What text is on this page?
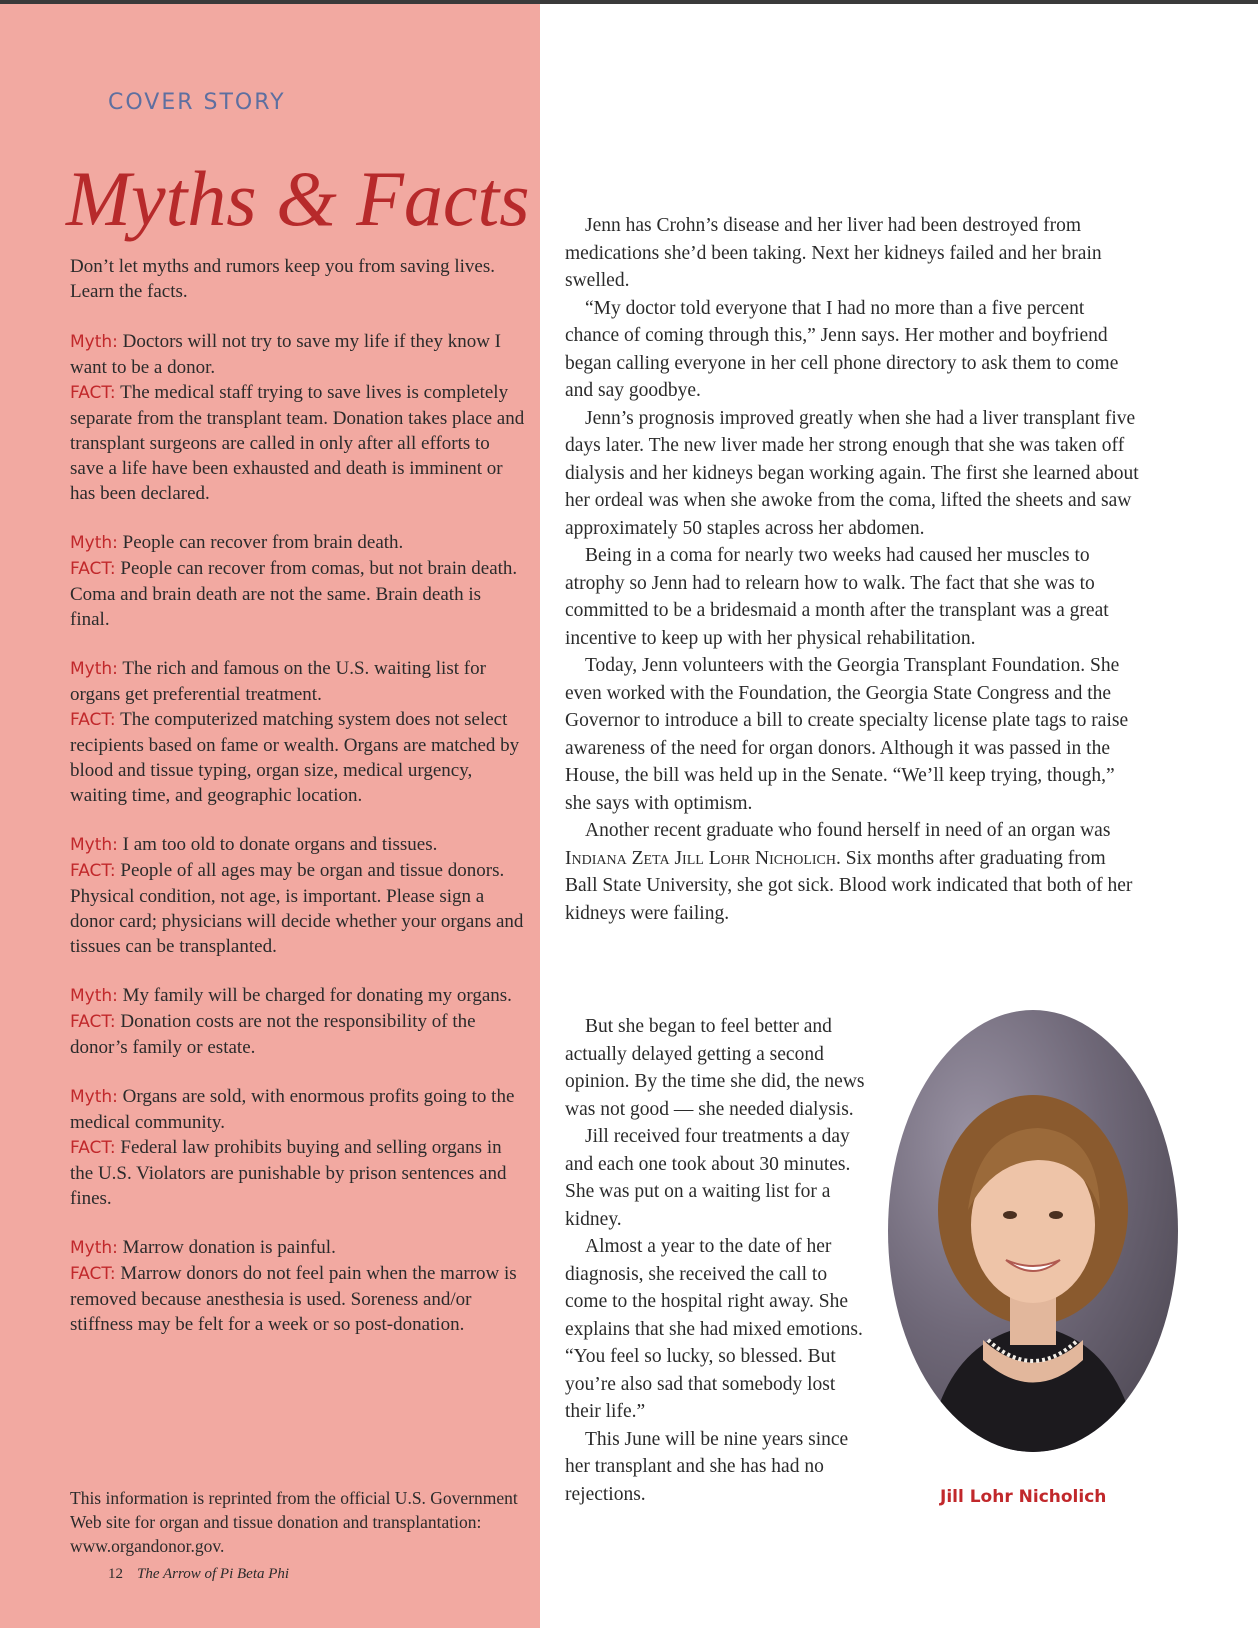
COVER STORY
Myths & Facts

Don’t let myths and rumors keep you from saving lives. Learn the facts.

Myth: Doctors will not try to save my life if they know I want to be a donor.

FACT: The medical staff trying to save lives is completely separate from the transplant team. Donation takes place and transplant surgeons are called in only after all efforts to save a life have been exhausted and death is imminent or has been declared.

Myth: People can recover from brain death.

FACT: People can recover from comas, but not brain death. Coma and brain death are not the same. Brain death is final.

Myth: The rich and famous on the U.S. waiting list for organs get preferential treatment.

FACT: The computerized matching system does not select recipients based on fame or wealth. Organs are matched by blood and tissue typing, organ size, medical urgency, waiting time, and geographic location.

Myth: I am too old to donate organs and tissues.

FACT: People of all ages may be organ and tissue donors. Physical condition, not age, is important. Please sign a donor card; physicians will decide whether your organs and tissues can be transplanted.

Myth: My family will be charged for donating my organs.

FACT: Donation costs are not the responsibility of the donor’s family or estate.

Myth: Organs are sold, with enormous profits going to the medical community.

FACT: Federal law prohibits buying and selling organs in the U.S. Violators are punishable by prison sentences and fines.

Myth: Marrow donation is painful.

FACT: Marrow donors do not feel pain when the marrow is removed because anesthesia is used. Soreness and/or stiffness may be felt for a week or so post-donation.

This information is reprinted from the official U.S. Government Web site for organ and tissue donation and transplantation: www.organdonor.gov.

12 The Arrow of Pi Beta Phi

Jenn has Crohn’s disease and her liver had been destroyed from medications she’d been taking. Next her kidneys failed and her brain swelled.

“My doctor told everyone that I had no more than a five percent chance of coming through this,” Jenn says. Her mother and boyfriend began calling everyone in her cell phone directory to ask them to come and say goodbye.

Jenn’s prognosis improved greatly when she had a liver transplant five days later. The new liver made her strong enough that she was taken off dialysis and her kidneys began working again. The first she learned about her ordeal was when she awoke from the coma, lifted the sheets and saw approximately 50 staples across her abdomen.

Being in a coma for nearly two weeks had caused her muscles to atrophy so Jenn had to relearn how to walk. The fact that she was to committed to be a bridesmaid a month after the transplant was a great incentive to keep up with her physical rehabilitation.

Today, Jenn volunteers with the Georgia Transplant Foundation. She even worked with the Foundation, the Georgia State Congress and the Governor to introduce a bill to create specialty license plate tags to raise awareness of the need for organ donors. Although it was passed in the House, the bill was held up in the Senate. “We’ll keep trying, though,” she says with optimism.

Another recent graduate who found herself in need of an organ was Indiana Zeta Jill Lohr Nicholich. Six months after graduating from Ball State University, she got sick. Blood work indicated that both of her kidneys were failing.

But she began to feel better and actually delayed getting a second opinion. By the time she did, the news was not good — she needed dialysis.

Jill received four treatments a day and each one took about 30 minutes. She was put on a waiting list for a kidney.

Almost a year to the date of her diagnosis, she received the call to come to the hospital right away. She explains that she had mixed emotions. “You feel so lucky, so blessed. But you’re also sad that somebody lost their life.”

This June will be nine years since her transplant and she has had no rejections.	Jill Lohr Nicholich
